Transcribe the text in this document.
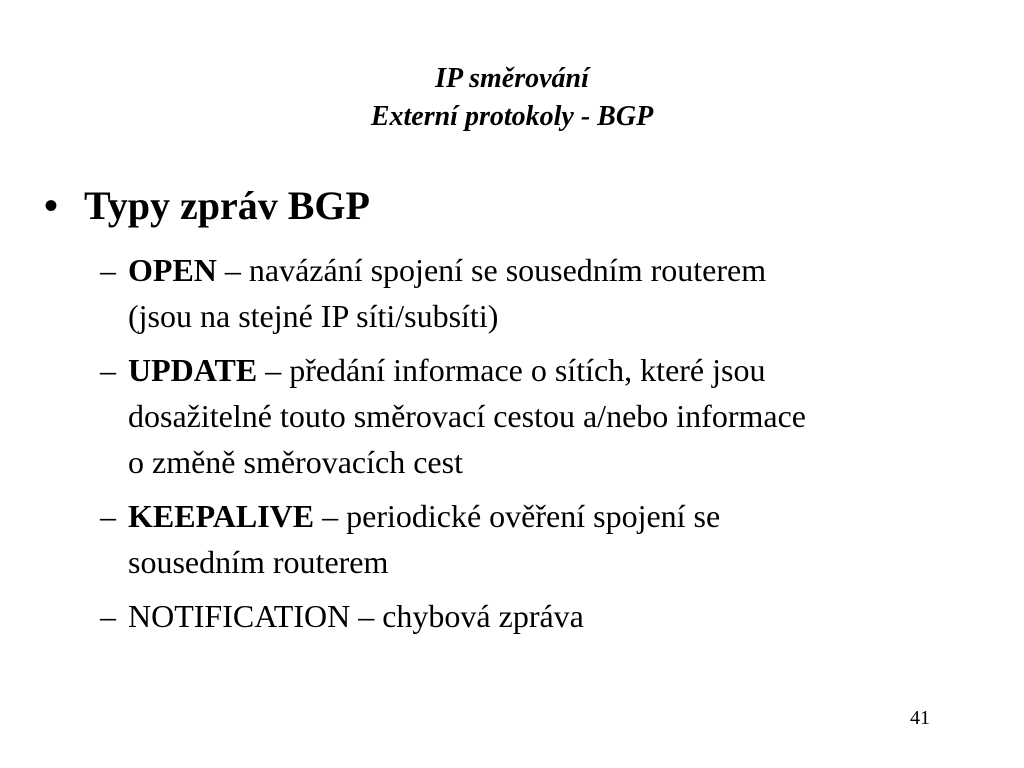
IP směrování
Externí protokoly - BGP
• Typy zpráv BGP
– OPEN – navázání spojení se sousedním routerem
(jsou na stejné IP síti/subsíti)
– UPDATE – předání informace o sítích, které jsou
dosažitelné touto směrovací cestou a/nebo informace
o změně směrovacích cest
– KEEPALIVE – periodické ověření spojení se
sousedním routerem
– NOTIFICATION – chybová zpráva
41
